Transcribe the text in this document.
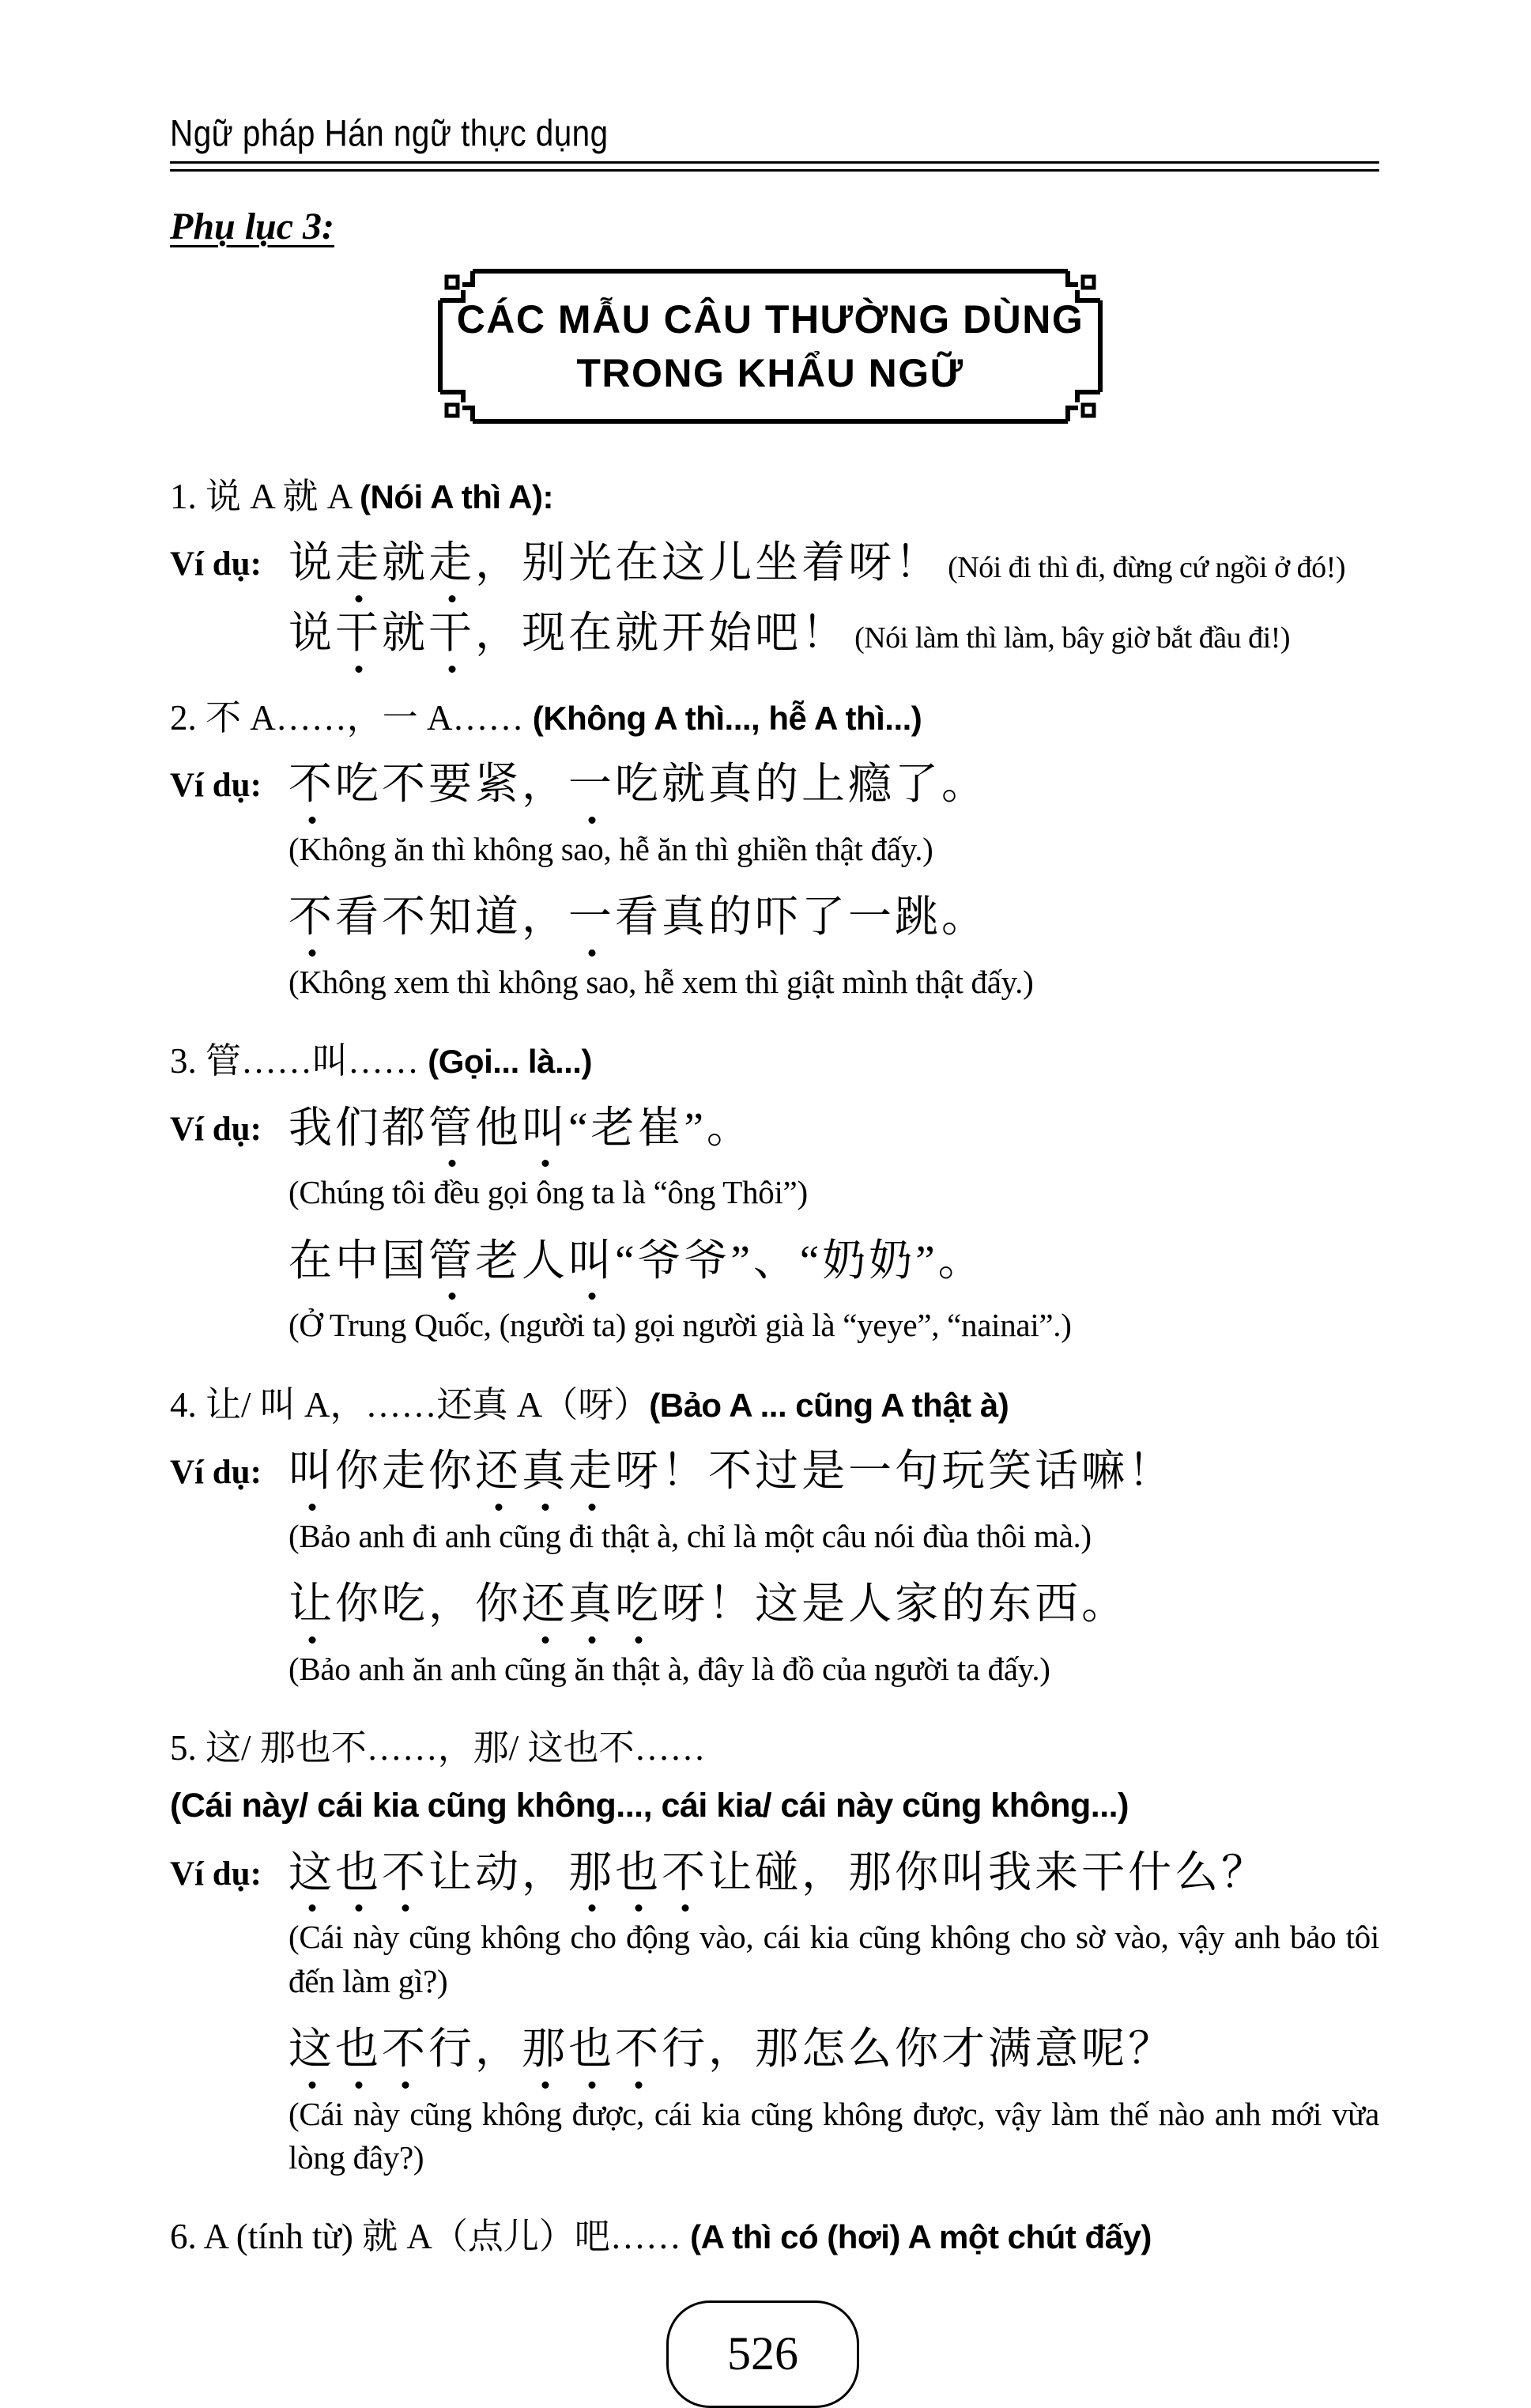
Ngữ pháp Hán ngữ thực dụng
Phụ lục 3:
CÁC MẪU CÂU THƯỜNG DÙNG
TRONG KHẨU NGỮ
1. 说 A 就 A (Nói A thì A):
Ví dụ: 说走就走，别光在这儿坐着呀！ (Nói đi thì đi, đừng cứ ngồi ở đó!)
说干就干，现在就开始吧！ (Nói làm thì làm, bây giờ bắt đầu đi!)
2. 不 A……，一 A…… (Không A thì..., hễ A thì...)
Ví dụ: 不吃不要紧，一吃就真的上瘾了。
(Không ăn thì không sao, hễ ăn thì ghiền thật đấy.)
不看不知道，一看真的吓了一跳。
(Không xem thì không sao, hễ xem thì giật mình thật đấy.)
3. 管……叫…… (Gọi... là...)
Ví dụ: 我们都管他叫“老崔”。
(Chúng tôi đều gọi ông ta là “ông Thôi”)
在中国管老人叫“爷爷”、“奶奶”。
(Ở Trung Quốc, (người ta) gọi người già là “yeye”, “nainai”.)
4. 让/ 叫 A，……还真 A（呀）(Bảo A ... cũng A thật à)
Ví dụ: 叫你走你还真走呀！不过是一句玩笑话嘛！
(Bảo anh đi anh cũng đi thật à, chỉ là một câu nói đùa thôi mà.)
让你吃，你还真吃呀！这是人家的东西。
(Bảo anh ăn anh cũng ăn thật à, đây là đồ của người ta đấy.)
5. 这/ 那也不……，那/ 这也不……
(Cái này/ cái kia cũng không..., cái kia/ cái này cũng không...)
Ví dụ: 这也不让动，那也不让碰，那你叫我来干什么？
(Cái này cũng không cho động vào, cái kia cũng không cho sờ vào, vậy anh bảo tôi đến làm gì?)
这也不行，那也不行，那怎么你才满意呢？
(Cái này cũng không được, cái kia cũng không được, vậy làm thế nào anh mới vừa lòng đây?)
6. A (tính từ) 就 A（点儿）吧…… (A thì có (hơi) A một chút đấy)
526
